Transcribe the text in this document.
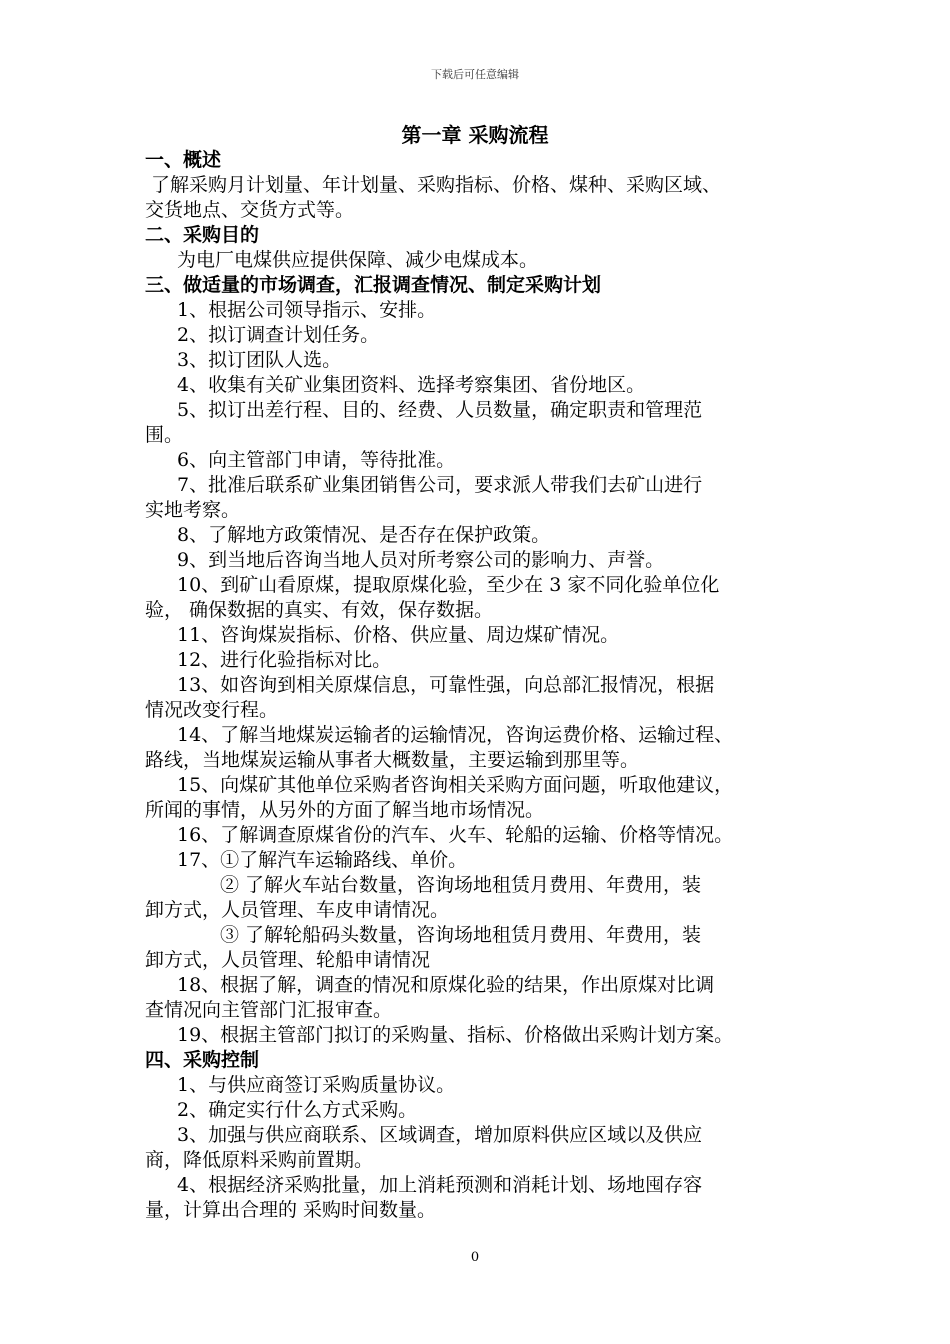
下载后可任意编辑
第一章 采购流程

一、概述

了解采购月计划量、年计划量、采购指标、价格、煤种、采购区域、

交货地点、交货方式等。

二、采购目的

为电厂电煤供应提供保障、减少电煤成本。

三、做适量的市场调查，汇报调查情况、制定采购计划

1、根据公司领导指示、安排。

2、拟订调查计划任务。

3、拟订团队人选。

4、收集有关矿业集团资料、选择考察集团、省份地区。

5、拟订出差行程、目的、经费、人员数量，确定职责和管理范

围。

6、向主管部门申请，等待批准。

7、批准后联系矿业集团销售公司，要求派人带我们去矿山进行

实地考察。

8、了解地方政策情况、是否存在保护政策。

9、到当地后咨询当地人员对所考察公司的影响力、声誉。

10、到矿山看原煤，提取原煤化验，至少在 3 家不同化验单位化

验， 确保数据的真实、有效，保存数据。

11、咨询煤炭指标、价格、供应量、周边煤矿情况。

12、进行化验指标对比。

13、如咨询到相关原煤信息，可靠性强，向总部汇报情况，根据

情况改变行程。

14、了解当地煤炭运输者的运输情况，咨询运费价格、运输过程、

路线，当地煤炭运输从事者大概数量，主要运输到那里等。

15、向煤矿其他单位采购者咨询相关采购方面问题，听取他建议，

所闻的事情，从另外的方面了解当地市场情况。

16、了解调查原煤省份的汽车、火车、轮船的运输、价格等情况。

17、①了解汽车运输路线、单价。

② 了解火车站台数量，咨询场地租赁月费用、年费用，装

卸方式，人员管理、车皮申请情况。

③ 了解轮船码头数量，咨询场地租赁月费用、年费用，装

卸方式，人员管理、轮船申请情况

18、根据了解，调查的情况和原煤化验的结果，作出原煤对比调

查情况向主管部门汇报审查。

19、根据主管部门拟订的采购量、指标、价格做出采购计划方案。

四、采购控制

1、与供应商签订采购质量协议。

2、确定实行什么方式采购。

3、加强与供应商联系、区域调查，增加原料供应区域以及供应

商，降低原料采购前置期。

4、根据经济采购批量，加上消耗预测和消耗计划、场地囤存容

量，计算出合理的 采购时间数量。

0
